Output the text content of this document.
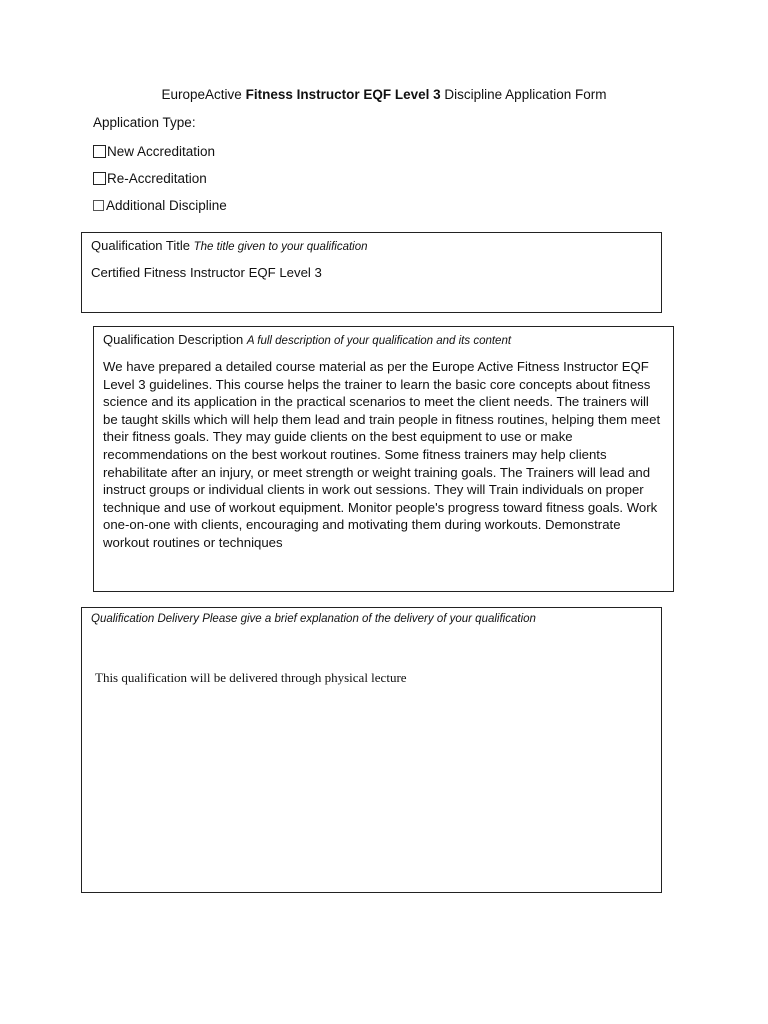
EuropeActive Fitness Instructor EQF Level 3 Discipline Application Form
Application Type:
New Accreditation
Re-Accreditation
Additional Discipline
Qualification Title The title given to your qualification
Certified Fitness Instructor EQF Level 3
Qualification Description A full description of your qualification and its content
We have prepared a detailed course material as per the Europe Active Fitness Instructor EQF Level 3 guidelines. This course helps the trainer to learn the basic core concepts about fitness science and its application in the practical scenarios to meet the client needs. The trainers will be taught skills which will help them lead and train people in fitness routines, helping them meet their fitness goals. They may guide clients on the best equipment to use or make recommendations on the best workout routines. Some fitness trainers may help clients rehabilitate after an injury, or meet strength or weight training goals. The Trainers will lead and instruct groups or individual clients in work out sessions. They will Train individuals on proper technique and use of workout equipment. Monitor people's progress toward fitness goals. Work one-on-one with clients, encouraging and motivating them during workouts. Demonstrate workout routines or techniques
Qualification Delivery Please give a brief explanation of the delivery of your qualification
This qualification will be delivered through physical lecture
